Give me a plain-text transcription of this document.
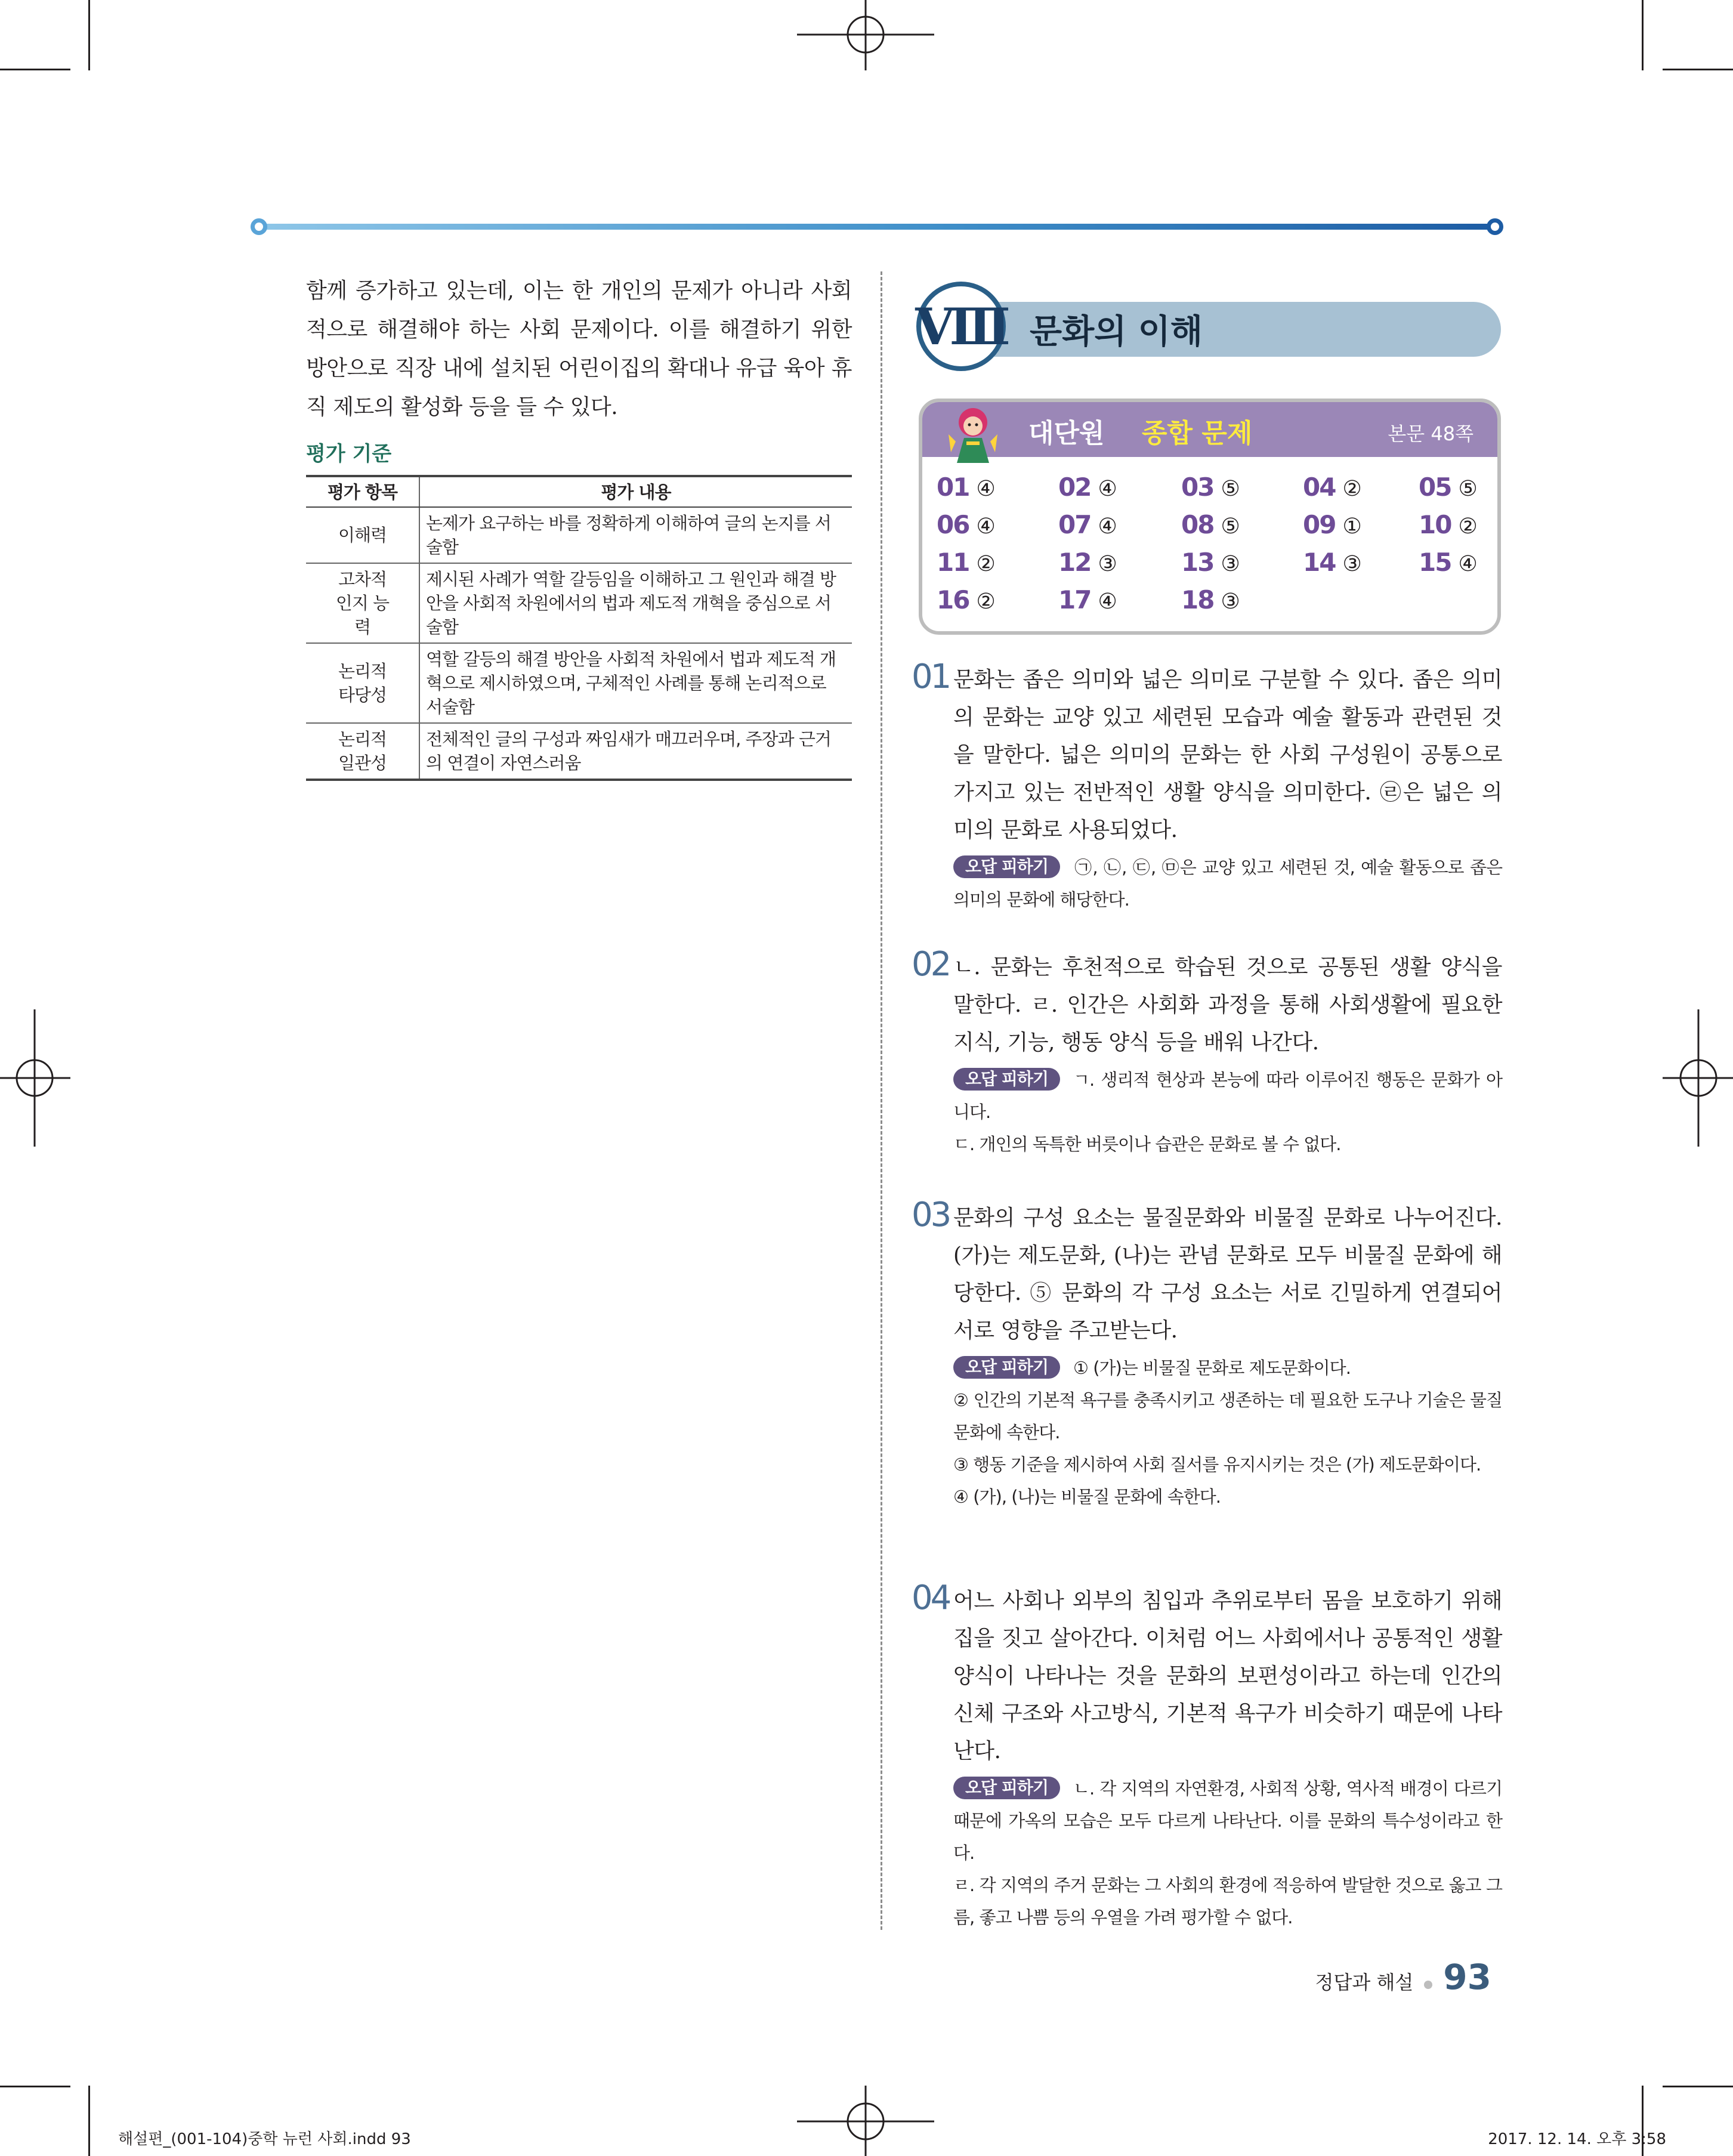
함께 증가하고 있는데, 이는 한 개인의 문제가 아니라 사회적으로 해결해야 하는 사회 문제이다. 이를 해결하기 위한 방안으로 직장 내에 설치된 어린이집의 확대나 유급 육아 휴직 제도의 활성화 등을 들 수 있다.

평가 기준
평가 항목	평가 내용
이해력	논제가 요구하는 바를 정확하게 이해하여 글의 논지를 서술함
고차적 인지 능력	제시된 사례가 역할 갈등임을 이해하고 그 원인과 해결 방안을 사회적 차원에서의 법과 제도적 개혁을 중심으로 서술함
논리적 타당성	역할 갈등의 해결 방안을 사회적 차원에서 법과 제도적 개혁으로 제시하였으며, 구체적인 사례를 통해 논리적으로 서술함
논리적 일관성	전체적인 글의 구성과 짜임새가 매끄러우며, 주장과 근거의 연결이 자연스러움
Ⅷ 문화의 이해
대단원 종합 문제	본문 48쪽
01 ④	02 ④	03 ⑤	04 ② 05 ⑤
06 ④	07 ④	08 ⑤	09 ① 10 ②
11 ②	12 ③	13 ③	14 ③ 15 ④
16 ②	17 ④	18 ③
01 문화는 좁은 의미와 넓은 의미로 구분할 수 있다. 좁은 의미의 문화는 교양 있고 세련된 모습과 예술 활동과 관련된 것을 말한다. 넓은 의미의 문화는 한 사회 구성원이 공통으로 가지고 있는 전반적인 생활 양식을 의미한다. ㉣은 넓은 의미의 문화로 사용되었다.

오답 피하기 ㉠, ㉡, ㉢, ㉤은 교양 있고 세련된 것, 예술 활동으로 좁은 의미의 문화에 해당한다.

02 ㄴ. 문화는 후천적으로 학습된 것으로 공통된 생활 양식을 말한다. ㄹ. 인간은 사회화 과정을 통해 사회생활에 필요한 지식, 기능, 행동 양식 등을 배워 나간다.

오답 피하기 ㄱ. 생리적 현상과 본능에 따라 이루어진 행동은 문화가 아니다.

ㄷ. 개인의 독특한 버릇이나 습관은 문화로 볼 수 없다.

03 문화의 구성 요소는 물질문화와 비물질 문화로 나누어진다. (가)는 제도문화, (나)는 관념 문화로 모두 비물질 문화에 해당한다. ⑤ 문화의 각 구성 요소는 서로 긴밀하게 연결되어 서로 영향을 주고받는다.

오답 피하기 ① (가)는 비물질 문화로 제도문화이다.

② 인간의 기본적 욕구를 충족시키고 생존하는 데 필요한 도구나 기술은 물질문화에 속한다.

③ 행동 기준을 제시하여 사회 질서를 유지시키는 것은 (가) 제도문화이다.

④ (가), (나)는 비물질 문화에 속한다.

04 어느 사회나 외부의 침입과 추위로부터 몸을 보호하기 위해 집을 짓고 살아간다. 이처럼 어느 사회에서나 공통적인 생활 양식이 나타나는 것을 문화의 보편성이라고 하는데 인간의 신체 구조와 사고방식, 기본적 욕구가 비슷하기 때문에 나타난다.

오답 피하기 ㄴ. 각 지역의 자연환경, 사회적 상황, 역사적 배경이 다르기 때문에 가옥의 모습은 모두 다르게 나타난다. 이를 문화의 특수성이라고 한다.

ㄹ. 각 지역의 주거 문화는 그 사회의 환경에 적응하여 발달한 것으로 옳고 그름, 좋고 나쁨 등의 우열을 가려 평가할 수 없다.

정답과 해설 93
해설편_(001-104)중학 뉴런 사회.indd 93	2017. 12. 14. 오후 3:58
